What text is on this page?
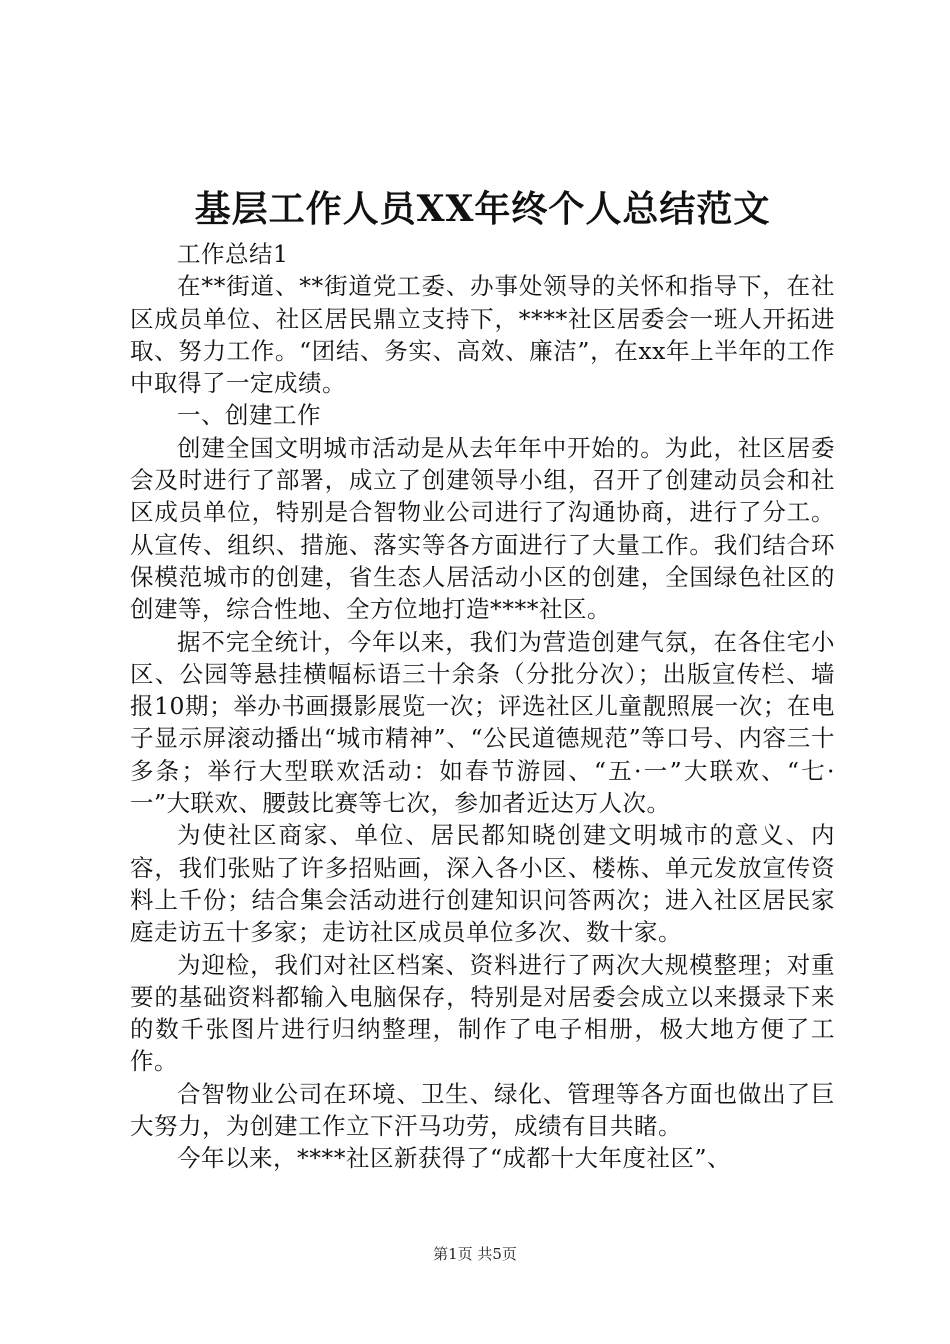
基层工作人员XX年终个人总结范文

工作总结1

在**街道、**街道党工委、办事处领导的关怀和指导下，在社区成员单位、社区居民鼎立支持下，****社区居委会一班人开拓进取、努力工作。“团结、务实、高效、廉洁”，在xx年上半年的工作中取得了一定成绩。

一、创建工作

创建全国文明城市活动是从去年年中开始的。为此，社区居委会及时进行了部署，成立了创建领导小组，召开了创建动员会和社区成员单位，特别是合智物业公司进行了沟通协商，进行了分工。从宣传、组织、措施、落实等各方面进行了大量工作。我们结合环保模范城市的创建，省生态人居活动小区的创建，全国绿色社区的创建等，综合性地、全方位地打造****社区。

据不完全统计，今年以来，我们为营造创建气氛，在各住宅小区、公园等悬挂横幅标语三十余条（分批分次）；出版宣传栏、墙报10期；举办书画摄影展览一次；评选社区儿童靓照展一次；在电子显示屏滚动播出“城市精神”、“公民道德规范”等口号、内容三十多条；举行大型联欢活动：如春节游园、“五·一”大联欢、“七·一”大联欢、腰鼓比赛等七次，参加者近达万人次。

为使社区商家、单位、居民都知晓创建文明城市的意义、内容，我们张贴了许多招贴画，深入各小区、楼栋、单元发放宣传资料上千份；结合集会活动进行创建知识问答两次；进入社区居民家庭走访五十多家；走访社区成员单位多次、数十家。

为迎检，我们对社区档案、资料进行了两次大规模整理；对重要的基础资料都输入电脑保存，特别是对居委会成立以来摄录下来的数千张图片进行归纳整理，制作了电子相册，极大地方便了工作。

合智物业公司在环境、卫生、绿化、管理等各方面也做出了巨大努力，为创建工作立下汗马功劳，成绩有目共睹。

今年以来，****社区新获得了“成都十大年度社区”、

第1页 共5页
